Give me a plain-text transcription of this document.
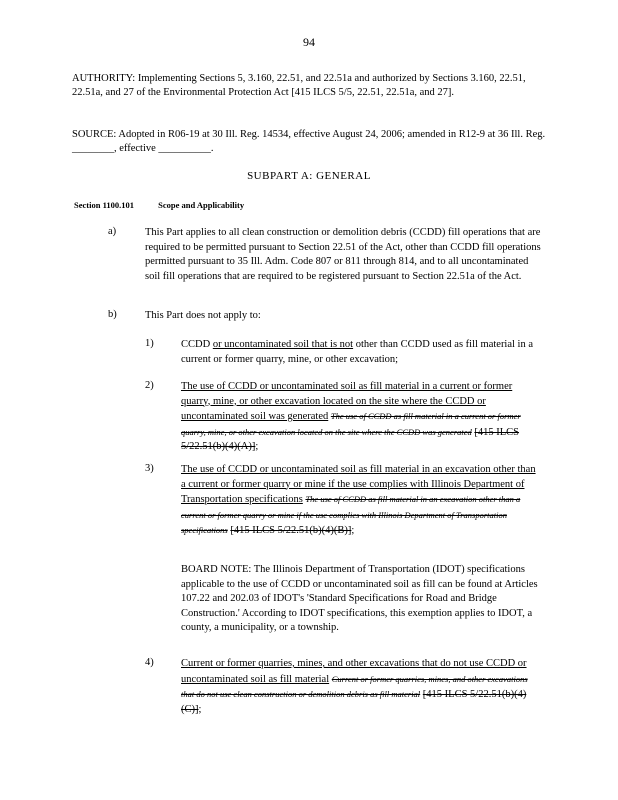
94
AUTHORITY: Implementing Sections 5, 3.160, 22.51, and 22.51a and authorized by Sections 3.160, 22.51, 22.51a, and 27 of the Environmental Protection Act [415 ILCS 5/5, 22.51, 22.51a, and 27].
SOURCE: Adopted in R06-19 at 30 Ill. Reg. 14534, effective August 24, 2006; amended in R12-9 at 36 Ill. Reg. ________, effective __________.
SUBPART A: GENERAL
Section 1100.101	Scope and Applicability
a)	This Part applies to all clean construction or demolition debris (CCDD) fill operations that are required to be permitted pursuant to Section 22.51 of the Act, other than CCDD fill operations permitted pursuant to 35 Ill. Adm. Code 807 or 811 through 814, and to all uncontaminated soil fill operations that are required to be registered pursuant to Section 22.51a of the Act.
b)	This Part does not apply to:
1)	CCDD or uncontaminated soil that is not other than CCDD used as fill material in a current or former quarry, mine, or other excavation;
2)	The use of CCDD or uncontaminated soil as fill material in a current or former quarry, mine, or other excavation located on the site where the CCDD or uncontaminated soil was generated The use of CCDD as fill material in a current or former quarry, mine, or other excavation located on the site where the CCDD was generated [415 ILCS 5/22.51(b)(4)(A)];
3)	The use of CCDD or uncontaminated soil as fill material in an excavation other than a current or former quarry or mine if the use complies with Illinois Department of Transportation specifications The use of CCDD as fill material in an excavation other than a current or former quarry or mine if the use complies with Illinois Department of Transportation specifications [415 ILCS 5/22.51(b)(4)(B)];
BOARD NOTE: The Illinois Department of Transportation (IDOT) specifications applicable to the use of CCDD or uncontaminated soil as fill can be found at Articles 107.22 and 202.03 of IDOT's 'Standard Specifications for Road and Bridge Construction.' According to IDOT specifications, this exemption applies to IDOT, a county, a municipality, or a township.
4)	Current or former quarries, mines, and other excavations that do not use CCDD or uncontaminated soil as fill material Current or former quarries, mines, and other excavations that do not use clean construction or demolition debris as fill material [415 ILCS 5/22.51(b)(4)(C)];
